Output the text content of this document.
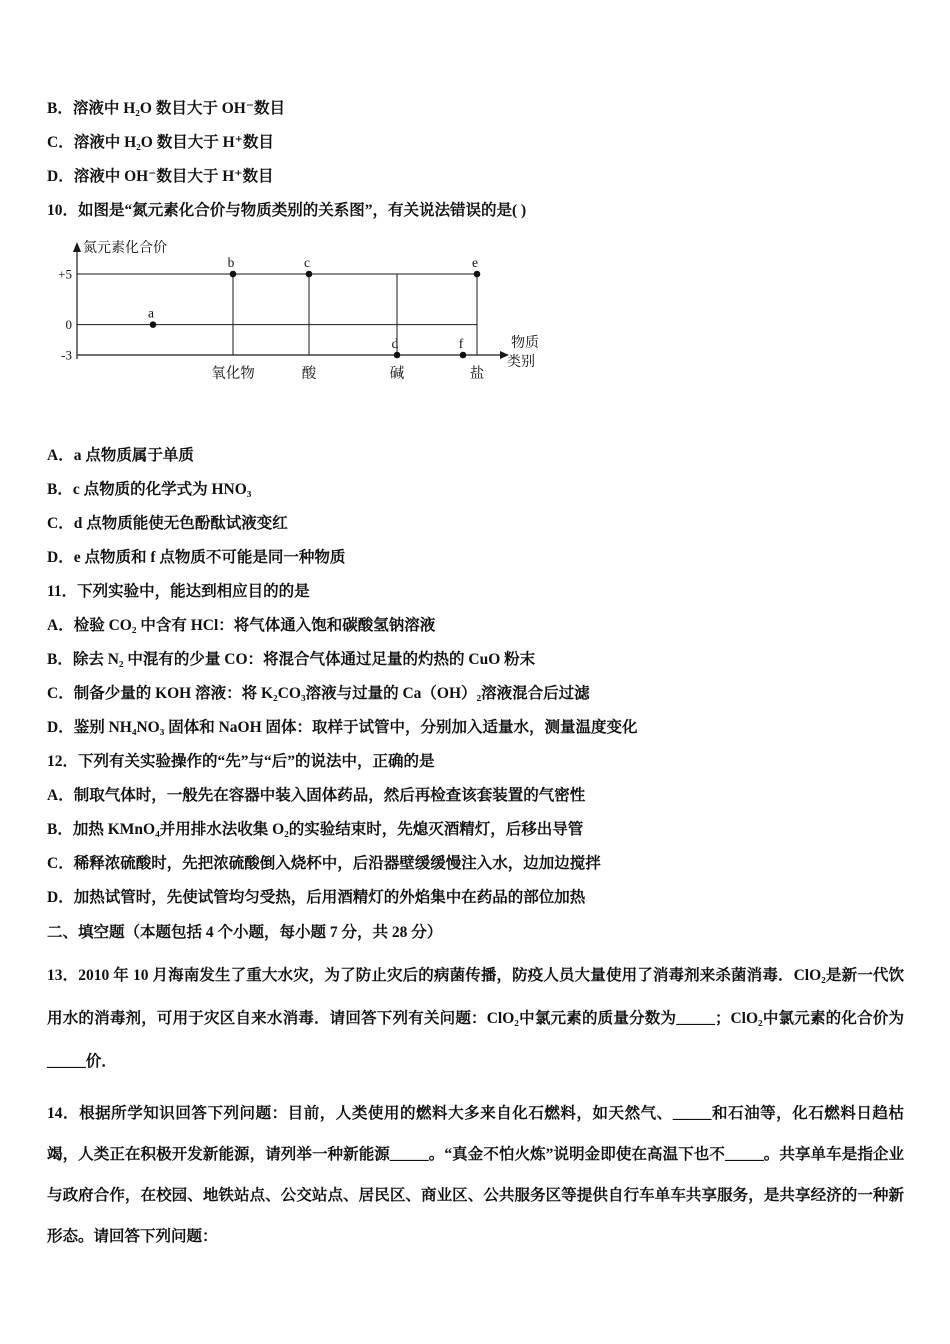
B．溶液中 H₂O 数目大于 OH⁻数目
C．溶液中 H₂O 数目大于 H⁺数目
D．溶液中 OH⁻数目大于 H⁺数目
10．如图是“氮元素化合价与物质类别的关系图”，有关说法错误的是( )
+5
0
-3
氮元素化合价
物质
类别
氧化物	酸	碱	盐
a
b	c
d
e
f
A．a 点物质属于单质
B．c 点物质的化学式为 HNO₃
C．d 点物质能使无色酚酞试液变红
D．e 点物质和 f 点物质不可能是同一种物质
11．下列实验中，能达到相应目的的是
A．检验 CO₂ 中含有 HCl：将气体通入饱和碳酸氢钠溶液
B．除去 N₂ 中混有的少量 CO：将混合气体通过足量的灼热的 CuO 粉末
C．制备少量的 KOH 溶液：将 K₂CO₃溶液与过量的 Ca（OH）₂溶液混合后过滤
D．鉴别 NH₄NO₃ 固体和 NaOH 固体：取样于试管中，分别加入适量水，测量温度变化
12．下列有关实验操作的“先”与“后”的说法中，正确的是
A．制取气体时，一般先在容器中装入固体药品，然后再检查该套装置的气密性
B．加热 KMnO₄并用排水法收集 O₂的实验结束时，先熄灭酒精灯，后移出导管
C．稀释浓硫酸时，先把浓硫酸倒入烧杯中，后沿器壁缓缓慢注入水，边加边搅拌
D．加热试管时，先使试管均匀受热，后用酒精灯的外焰集中在药品的部位加热
二、填空题（本题包括 4 个小题，每小题 7 分，共 28 分）
13．2010 年 10 月海南发生了重大水灾，为了防止灾后的病菌传播，防疫人员大量使用了消毒剂来杀菌消毒．ClO₂是新一代饮用水的消毒剂，可用于灾区自来水消毒．请回答下列有关问题：ClO₂中氯元素的质量分数为_____；ClO₂中氯元素的化合价为_____价．
14．根据所学知识回答下列问题：目前，人类使用的燃料大多来自化石燃料，如天然气、_____和石油等，化石燃料日趋枯竭，人类正在积极开发新能源，请列举一种新能源_____。“真金不怕火炼”说明金即使在高温下也不_____。共享单车是指企业与政府合作，在校园、地铁站点、公交站点、居民区、商业区、公共服务区等提供自行车单车共享服务，是共享经济的一种新形态。请回答下列问题：
